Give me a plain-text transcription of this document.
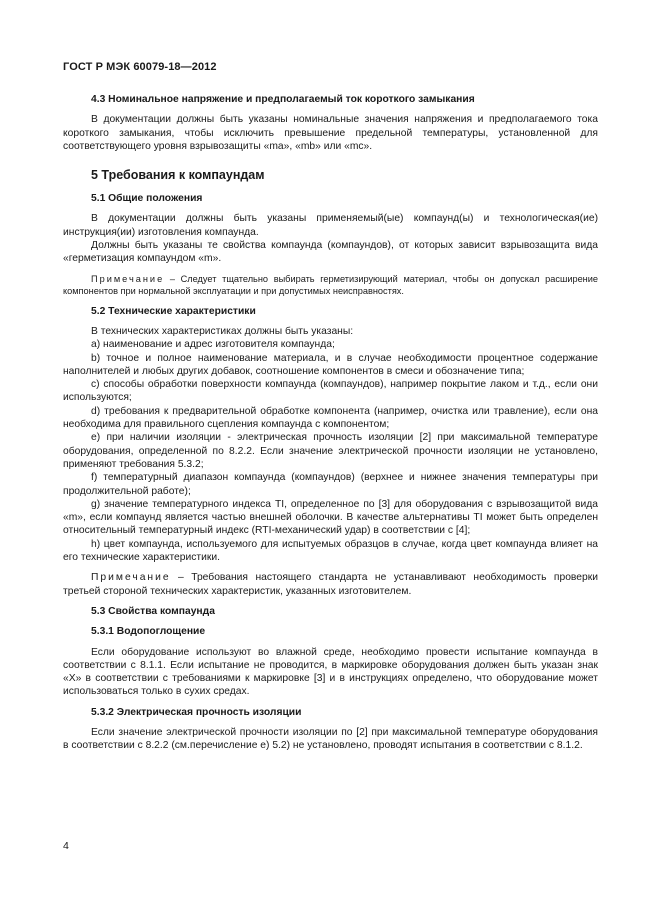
ГОСТ Р МЭК 60079-18—2012
4.3 Номинальное напряжение и предполагаемый ток короткого замыкания

В документации должны быть указаны номинальные значения напряжения и предполагаемого тока короткого замыкания, чтобы исключить превышение предельной температуры, установленной для соответствующего уровня взрывозащиты «ma», «mb» или «mc».

5 Требования к компаундам
5.1 Общие положения

В документации должны быть указаны применяемый(ые) компаунд(ы) и технологическая(ие) инструкция(ии) изготовления компаунда.

Должны быть указаны те свойства компаунда (компаундов), от которых зависит взрывозащита вида «герметизация компаундом «m».

Примечание – Следует тщательно выбирать герметизирующий материал, чтобы он допускал расширение компонентов при нормальной эксплуатации и при допустимых неисправностях.

5.2 Технические характеристики

В технических характеристиках должны быть указаны:

a) наименование и адрес изготовителя компаунда;

b) точное и полное наименование материала, и в случае необходимости процентное содержание наполнителей и любых других добавок, соотношение компонентов в смеси и обозначение типа;

c) способы обработки поверхности компаунда (компаундов), например покрытие лаком и т.д., если они используются;

d) требования к предварительной обработке компонента (например, очистка или травление), если она необходима для правильного сцепления компаунда с компонентом;

e) при наличии изоляции - электрическая прочность изоляции [2] при максимальной температуре оборудования, определенной по 8.2.2. Если значение электрической прочности изоляции не установлено, применяют требования 5.3.2;

f) температурный диапазон компаунда (компаундов) (верхнее и нижнее значения температуры при продолжительной работе);

g) значение температурного индекса TI, определенное по [3] для оборудования с взрывозащитой вида «m», если компаунд является частью внешней оболочки. В качестве альтернативы TI может быть определен относительный температурный индекс (RTI-механический удар) в соответствии с [4];

h) цвет компаунда, используемого для испытуемых образцов в случае, когда цвет компаунда влияет на его технические характеристики.

Примечание – Требования настоящего стандарта не устанавливают необходимость проверки третьей стороной технических характеристик, указанных изготовителем.

5.3 Свойства компаунда
5.3.1 Водопоглощение

Если оборудование используют во влажной среде, необходимо провести испытание компаунда в соответствии с 8.1.1. Если испытание не проводится, в маркировке оборудования должен быть указан знак «X» в соответствии с требованиями к маркировке [3] и в инструкциях определено, что оборудование может использоваться только в сухих средах.

5.3.2 Электрическая прочность изоляции

Если значение электрической прочности изоляции по [2] при максимальной температуре оборудования в соответствии с 8.2.2 (см.перечисление е) 5.2) не установлено, проводят испытания в соответствии с 8.1.2.

4
